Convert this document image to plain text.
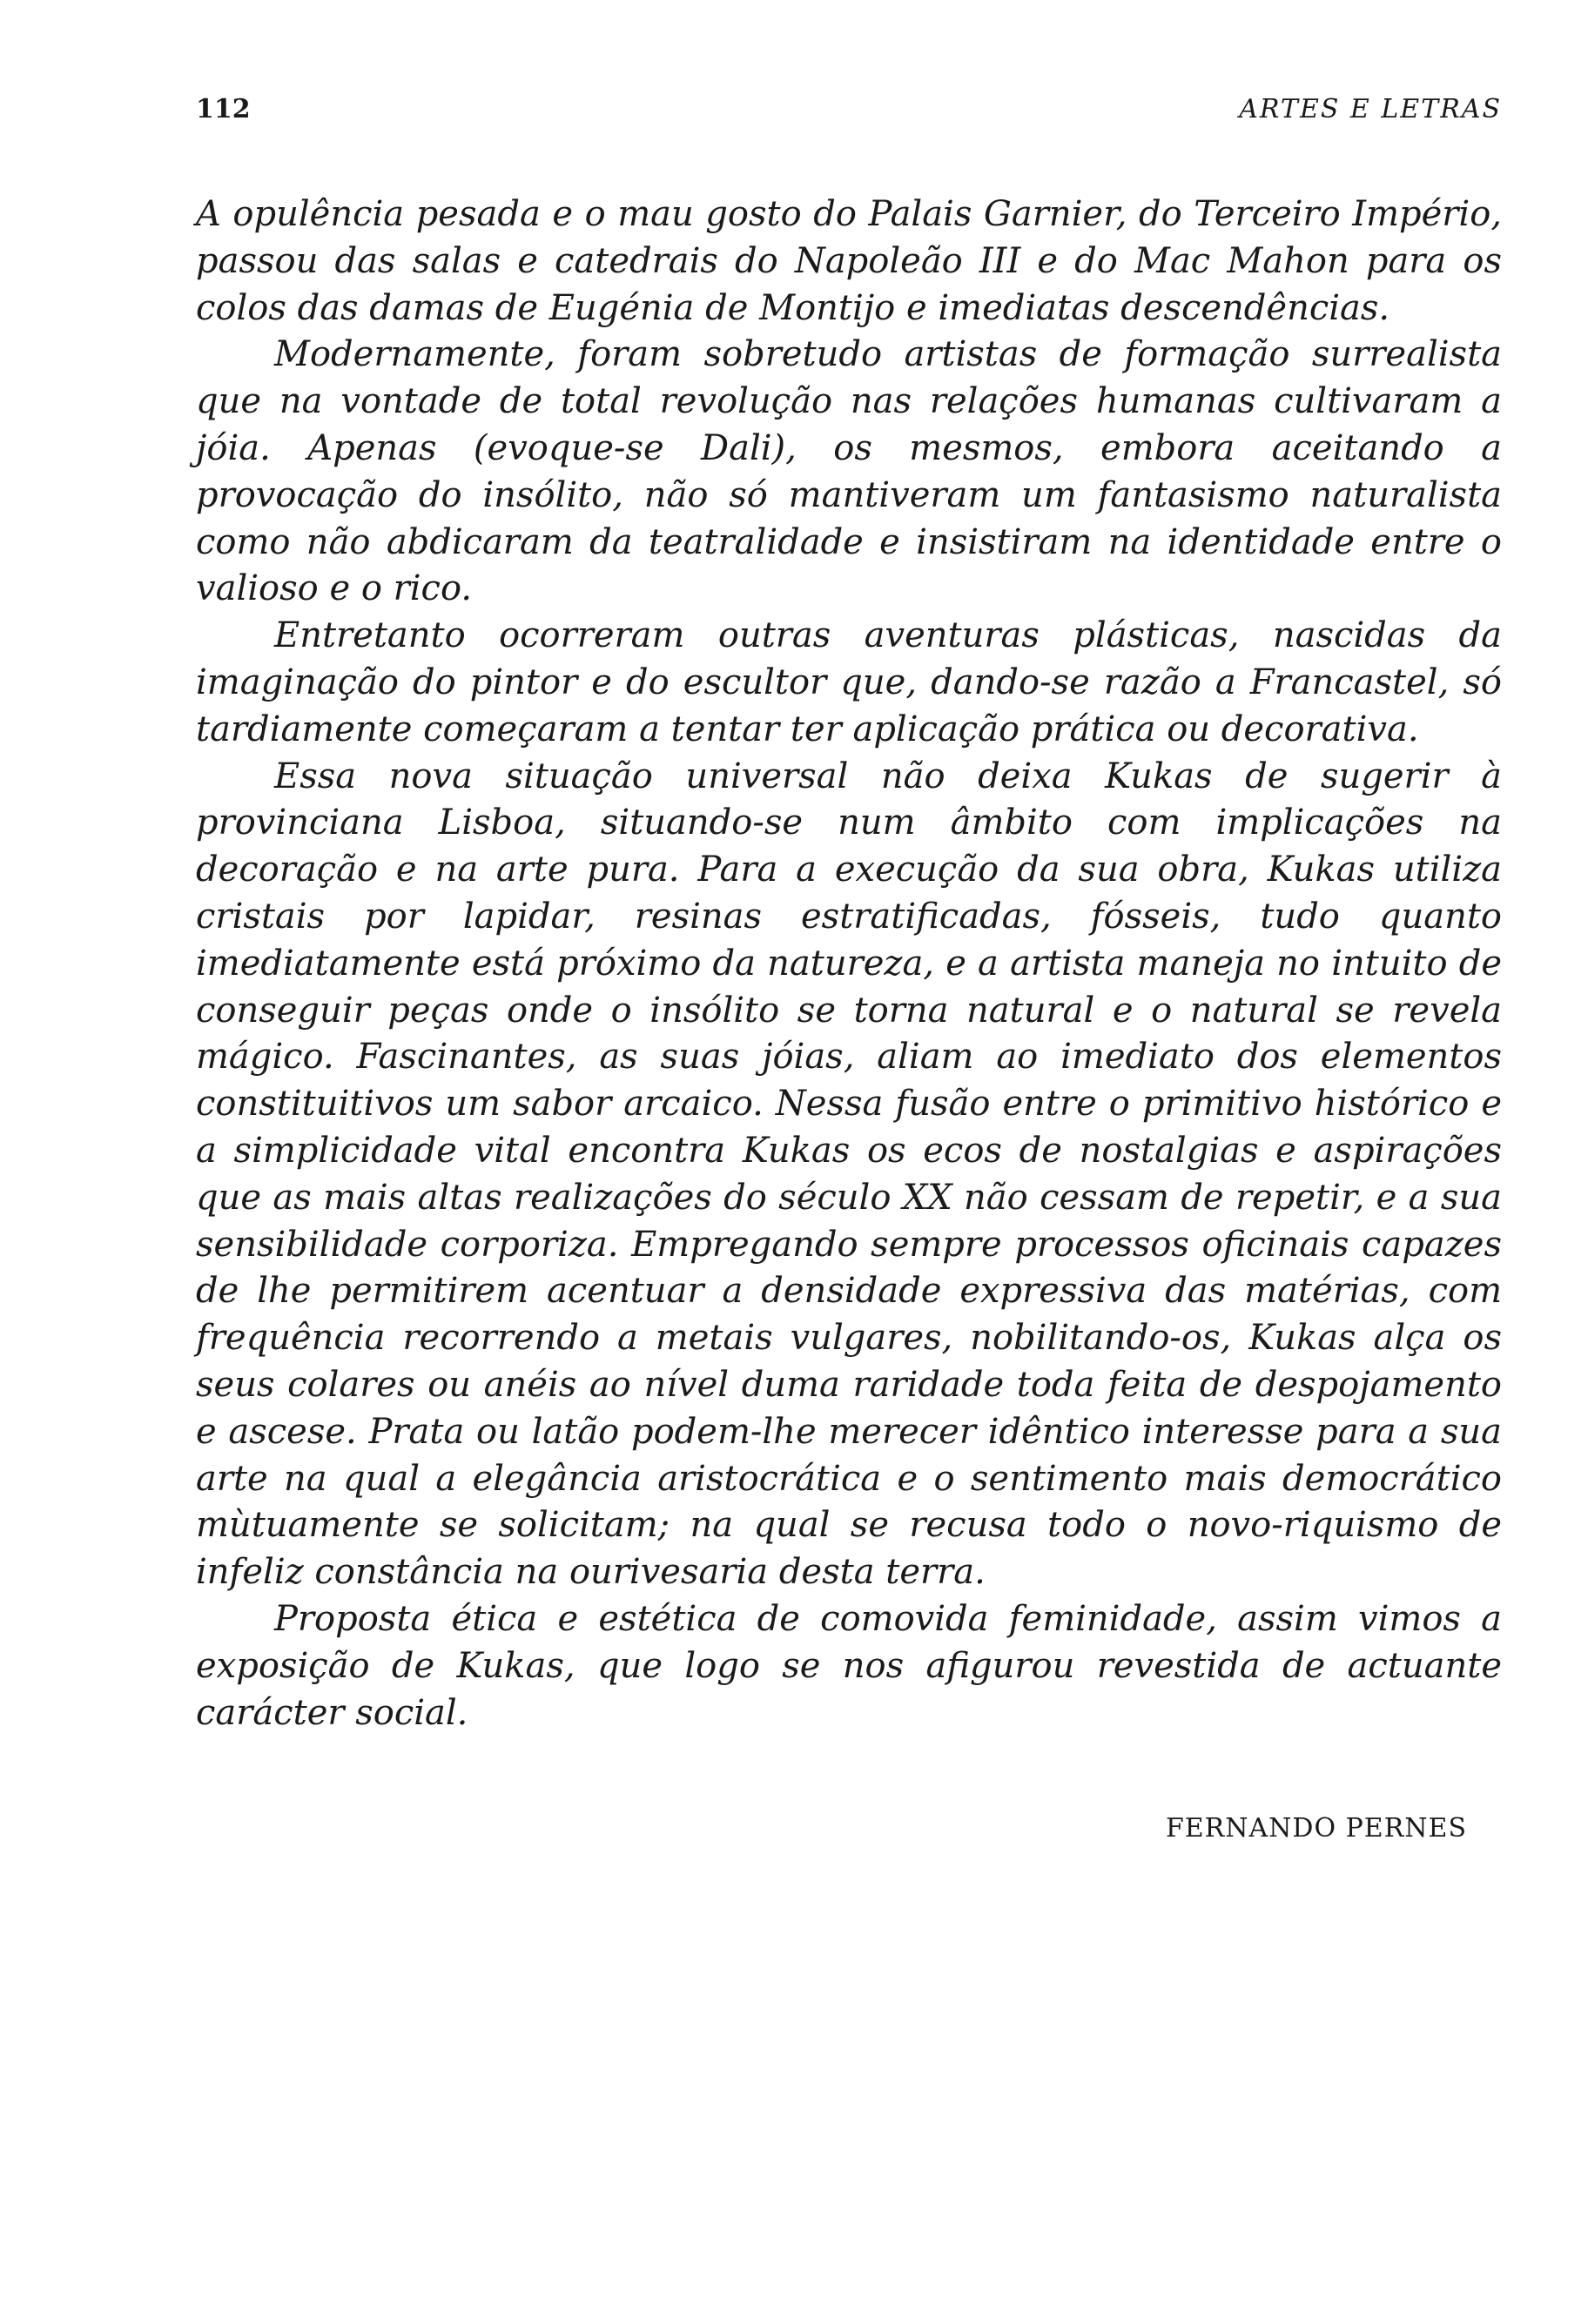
112	ARTES E LETRAS

A opulência pesada e o mau gosto do Palais Garnier, do Terceiro Império, passou das salas e catedrais do Napoleão III e do Mac Mahon para os colos das damas de Eugénia de Montijo e imediatas descendências.

Modernamente, foram sobretudo artistas de formação surrealista que na vontade de total revolução nas relações humanas cultivaram a jóia. Apenas (evoque-se Dali), os mesmos, embora aceitando a provocação do insólito, não só mantiveram um fantasismo naturalista como não abdicaram da teatralidade e insistiram na identidade entre o valioso e o rico.

Entretanto ocorreram outras aventuras plásticas, nascidas da imaginação do pintor e do escultor que, dando-se razão a Francastel, só tardiamente começaram a tentar ter aplicação prática ou decorativa.

Essa nova situação universal não deixa Kukas de sugerir à provinciana Lisboa, situando-se num âmbito com implicações na decoração e na arte pura. Para a execução da sua obra, Kukas utiliza cristais por lapidar, resinas estratificadas, fósseis, tudo quanto imediatamente está próximo da natureza, e a artista maneja no intuito de conseguir peças onde o insólito se torna natural e o natural se revela mágico. Fascinantes, as suas jóias, aliam ao imediato dos elementos constituitivos um sabor arcaico. Nessa fusão entre o primitivo histórico e a simplicidade vital encontra Kukas os ecos de nostalgias e aspirações que as mais altas realizações do século XX não cessam de repetir, e a sua sensibilidade corporiza. Empregando sempre processos oficinais capazes de lhe permitirem acentuar a densidade expressiva das matérias, com frequência recorrendo a metais vulgares, nobilitando-os, Kukas alça os seus colares ou anéis ao nível duma raridade toda feita de despojamento e ascese. Prata ou latão podem-lhe merecer idêntico interesse para a sua arte na qual a elegância aristocrática e o sentimento mais democrático mùtuamente se solicitam; na qual se recusa todo o novo-riquismo de infeliz constância na ourivesaria desta terra.

Proposta ética e estética de comovida feminidade, assim vimos a exposição de Kukas, que logo se nos afigurou revestida de actuante carácter social.

FERNANDO PERNES
